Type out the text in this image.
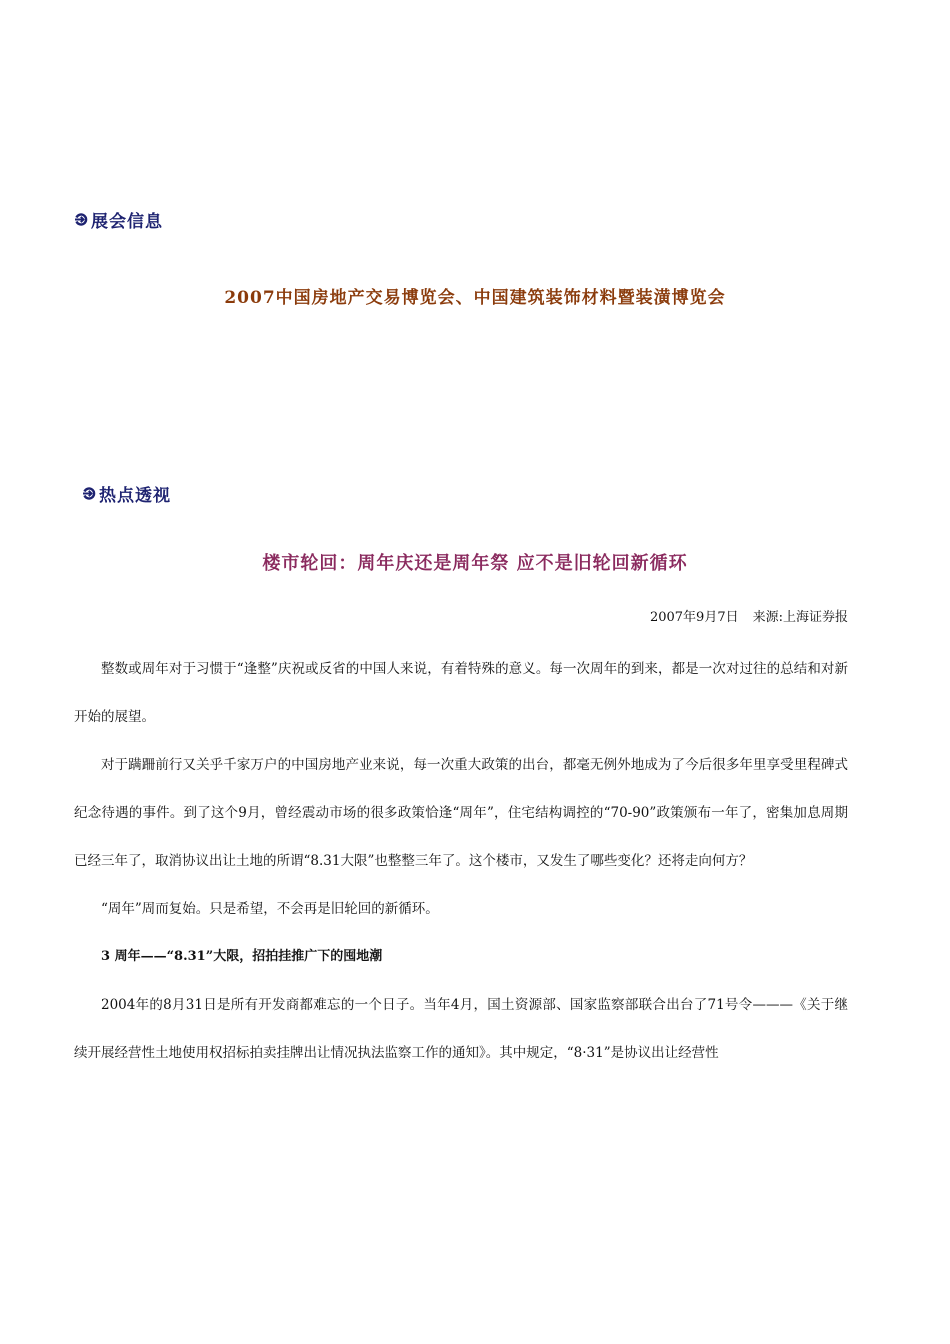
展会信息
2007中国房地产交易博览会、中国建筑装饰材料暨装潢博览会
热点透视
楼市轮回：周年庆还是周年祭 应不是旧轮回新循环
2007年9月7日 来源:上海证券报

整数或周年对于习惯于“逢整”庆祝或反省的中国人来说，有着特殊的意义。每一次周年的到来，都是一次对过往的总结和对新开始的展望。

对于蹒跚前行又关乎千家万户的中国房地产业来说，每一次重大政策的出台，都毫无例外地成为了今后很多年里享受里程碑式纪念待遇的事件。到了这个9月，曾经震动市场的很多政策恰逢“周年”，住宅结构调控的“70-90”政策颁布一年了，密集加息周期已经三年了，取消协议出让土地的所谓“8.31大限”也整整三年了。这个楼市，又发生了哪些变化？还将走向何方？

“周年”周而复始。只是希望，不会再是旧轮回的新循环。

3 周年——“8.31”大限，招拍挂推广下的囤地潮

2004年的8月31日是所有开发商都难忘的一个日子。当年4月，国土资源部、国家监察部联合出台了71号令———《关于继续开展经营性土地使用权招标拍卖挂牌出让情况执法监察工作的通知》。其中规定，“8·31”是协议出让经营性
